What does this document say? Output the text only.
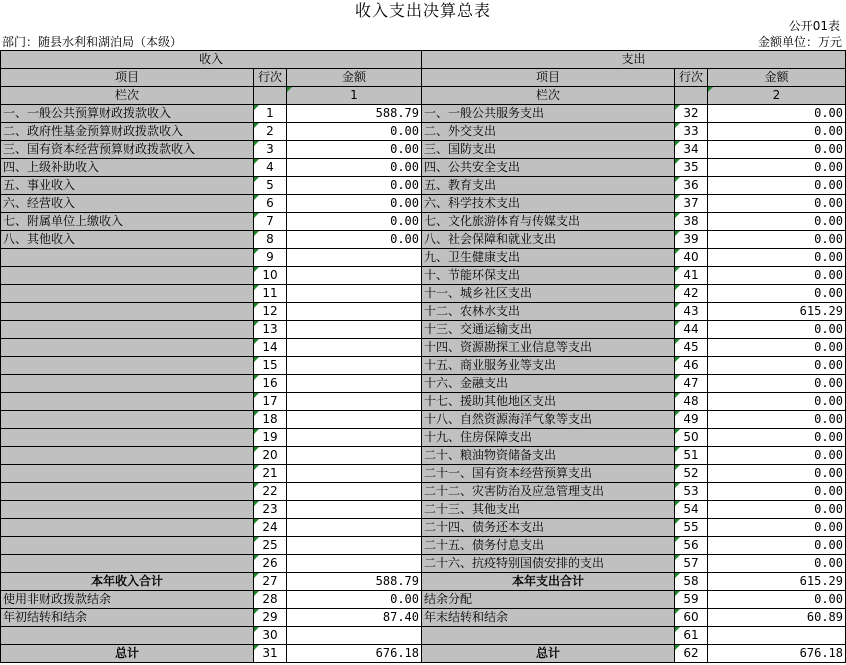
收入支出决算总表
公开01表
部门：随县水利和湖泊局（本级）	金额单位：万元
收入			支出		
项目	行次	金额	项目	行次	金额
栏次		1	栏次		2
一、一般公共预算财政拨款收入	1	588.79	一、一般公共服务支出	32	0.00
二、政府性基金预算财政拨款收入	2	0.00	二、外交支出	33	0.00
三、国有资本经营预算财政拨款收入	3	0.00	三、国防支出	34	0.00
四、上级补助收入	4	0.00	四、公共安全支出	35	0.00
五、事业收入	5	0.00	五、教育支出	36	0.00
六、经营收入	6	0.00	六、科学技术支出	37	0.00
七、附属单位上缴收入	7	0.00	七、文化旅游体育与传媒支出	38	0.00
八、其他收入	8	0.00	八、社会保障和就业支出	39	0.00
	9		九、卫生健康支出	40	0.00
	10		十、节能环保支出	41	0.00
	11		十一、城乡社区支出	42	0.00
	12		十二、农林水支出	43	615.29
	13		十三、交通运输支出	44	0.00
	14		十四、资源勘探工业信息等支出	45	0.00
	15		十五、商业服务业等支出	46	0.00
	16		十六、金融支出	47	0.00
	17		十七、援助其他地区支出	48	0.00
	18		十八、自然资源海洋气象等支出	49	0.00
	19		十九、住房保障支出	50	0.00
	20		二十、粮油物资储备支出	51	0.00
	21		二十一、国有资本经营预算支出	52	0.00
	22		二十二、灾害防治及应急管理支出	53	0.00
	23		二十三、其他支出	54	0.00
	24		二十四、债务还本支出	55	0.00
	25		二十五、债务付息支出	56	0.00
	26		二十六、抗疫特别国债安排的支出	57	0.00
本年收入合计	27	588.79	本年支出合计	58	615.29
使用非财政拨款结余	28	0.00	结余分配	59	0.00
年初结转和结余	29	87.40	年末结转和结余	60	60.89
	30			61	
总计	31	676.18	总计	62	676.18
